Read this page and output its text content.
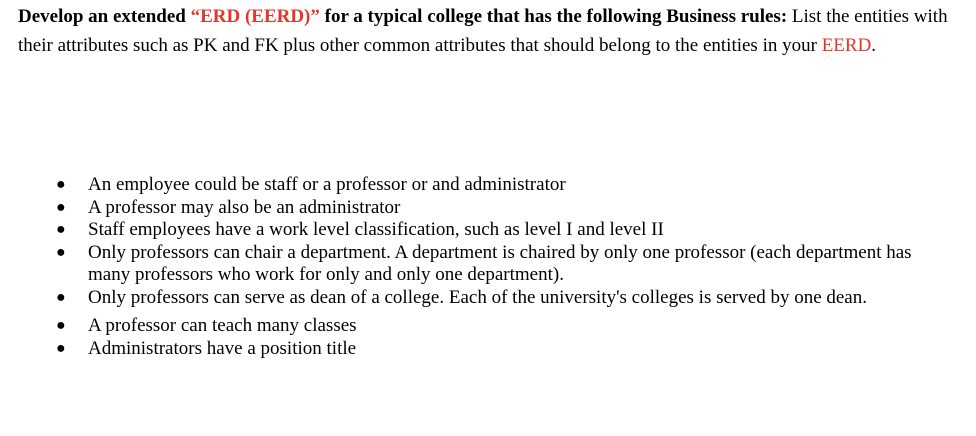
Develop an extended “ERD (EERD)” for a typical college that has the following Business rules: List the entities with their attributes such as PK and FK plus other common attributes that should belong to the entities in your EERD.

● An employee could be staff or a professor or and administrator
● A professor may also be an administrator
● Staff employees have a work level classification, such as level I and level II
● Only professors can chair a department. A department is chaired by only one professor (each department has many professors who work for only and only one department).
● Only professors can serve as dean of a college. Each of the university's colleges is served by one dean.
● A professor can teach many classes
● Administrators have a position title
